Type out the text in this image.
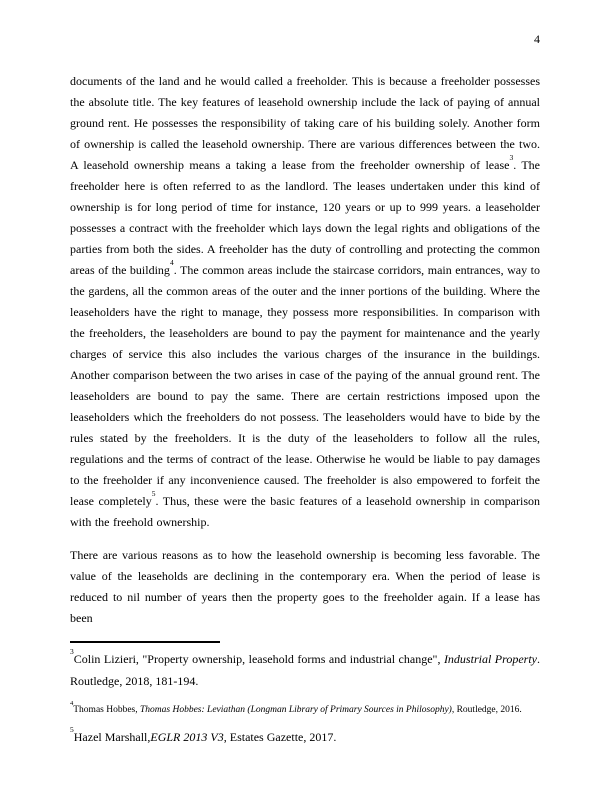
4

documents of the land and he would called a freeholder. This is because a freeholder possesses the absolute title. The key features of leasehold ownership include the lack of paying of annual ground rent. He possesses the responsibility of taking care of his building solely. Another form of ownership is called the leasehold ownership. There are various differences between the two. A leasehold ownership means a taking a lease from the freeholder ownership of lease$^3$. The freeholder here is often referred to as the landlord. The leases undertaken under this kind of ownership is for long period of time for instance, 120 years or up to 999 years. a leaseholder possesses a contract with the freeholder which lays down the legal rights and obligations of the parties from both the sides. A freeholder has the duty of controlling and protecting the common areas of the building$^4$. The common areas include the staircase corridors, main entrances, way to the gardens, all the common areas of the outer and the inner portions of the building. Where the leaseholders have the right to manage, they possess more responsibilities. In comparison with the freeholders, the leaseholders are bound to pay the payment for maintenance and the yearly charges of service this also includes the various charges of the insurance in the buildings. Another comparison between the two arises in case of the paying of the annual ground rent. The leaseholders are bound to pay the same. There are certain restrictions imposed upon the leaseholders which the freeholders do not possess. The leaseholders would have to bide by the rules stated by the freeholders. It is the duty of the leaseholders to follow all the rules, regulations and the terms of contract of the lease. Otherwise he would be liable to pay damages to the freeholder if any inconvenience caused. The freeholder is also empowered to forfeit the lease completely$^5$. Thus, these were the basic features of a leasehold ownership in comparison with the freehold ownership.

There are various reasons as to how the leasehold ownership is becoming less favorable. The value of the leaseholds are declining in the contemporary era. When the period of lease is reduced to nil number of years then the property goes to the freeholder again. If a lease has been

$^3$Colin Lizieri, "Property ownership, leasehold forms and industrial change", Industrial Property. Routledge, 2018, 181-194.
$^4$Thomas Hobbes, Thomas Hobbes: Leviathan (Longman Library of Primary Sources in Philosophy), Routledge, 2016.
$^5$Hazel Marshall,EGLR 2013 V3, Estates Gazette, 2017.
